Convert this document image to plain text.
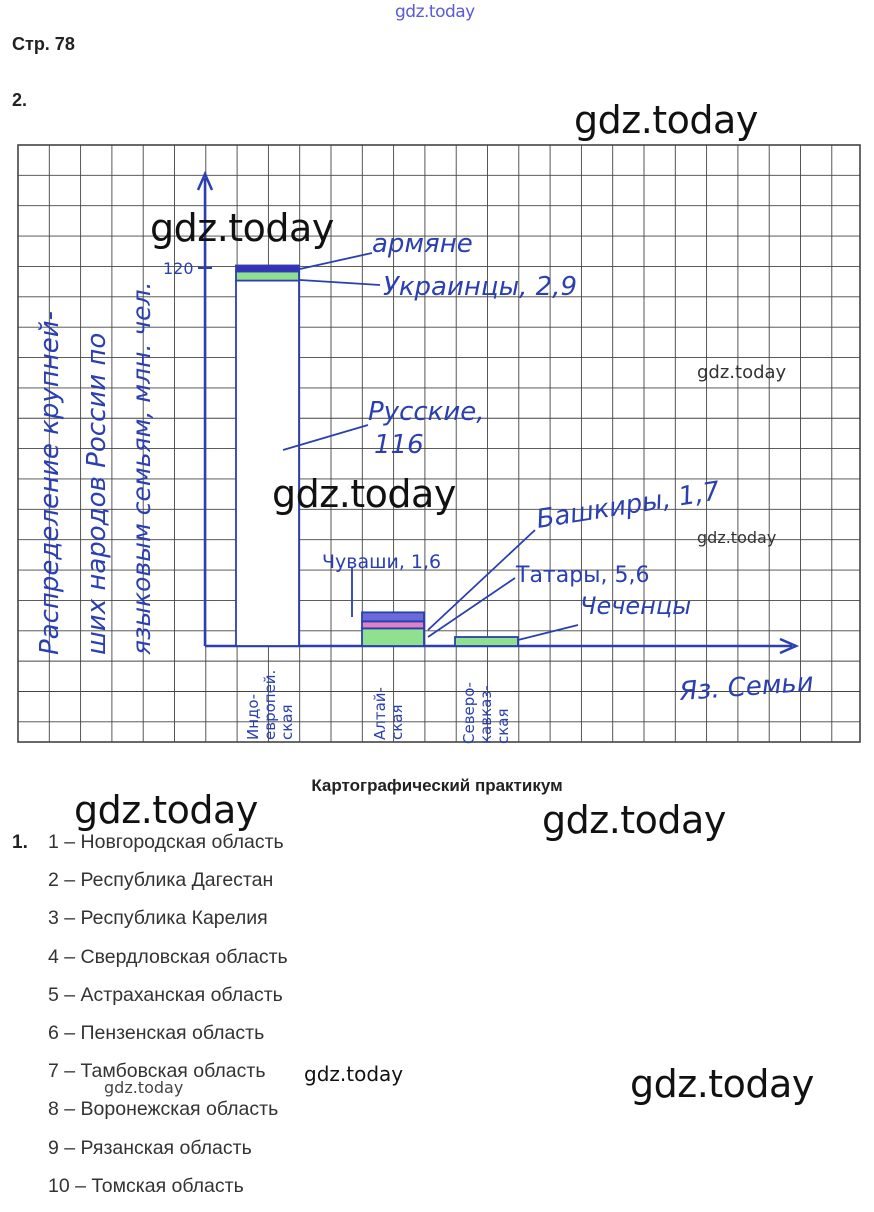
gdz.today
Стр. 78
2.
120
Распределение крупней- ших народов России по языковым семьям, млн. чел.
Индо- европей. ская	Алтай- ская	Северо- кавказ- ская
Яз. Семьи
армяне
Украинцы, 2,9
Русские,
116
Чуваши, 1,6
Башкиры, 1,7
Татары, 5,6
Чеченцы
gdz.today
gdz.today
gdz.today
gdz.today
gdz.today
Картографический практикум
gdz.today	gdz.today
1. 1 – Новгородская область
2 – Республика Дагестан
3 – Республика Карелия
4 – Свердловская область
5 – Астраханская область
6 – Пензенская область
7 – Тамбовская область
8 – Воронежская область
9 – Рязанская область
10 – Томская область
gdz.today
gdz.today	gdz.today
